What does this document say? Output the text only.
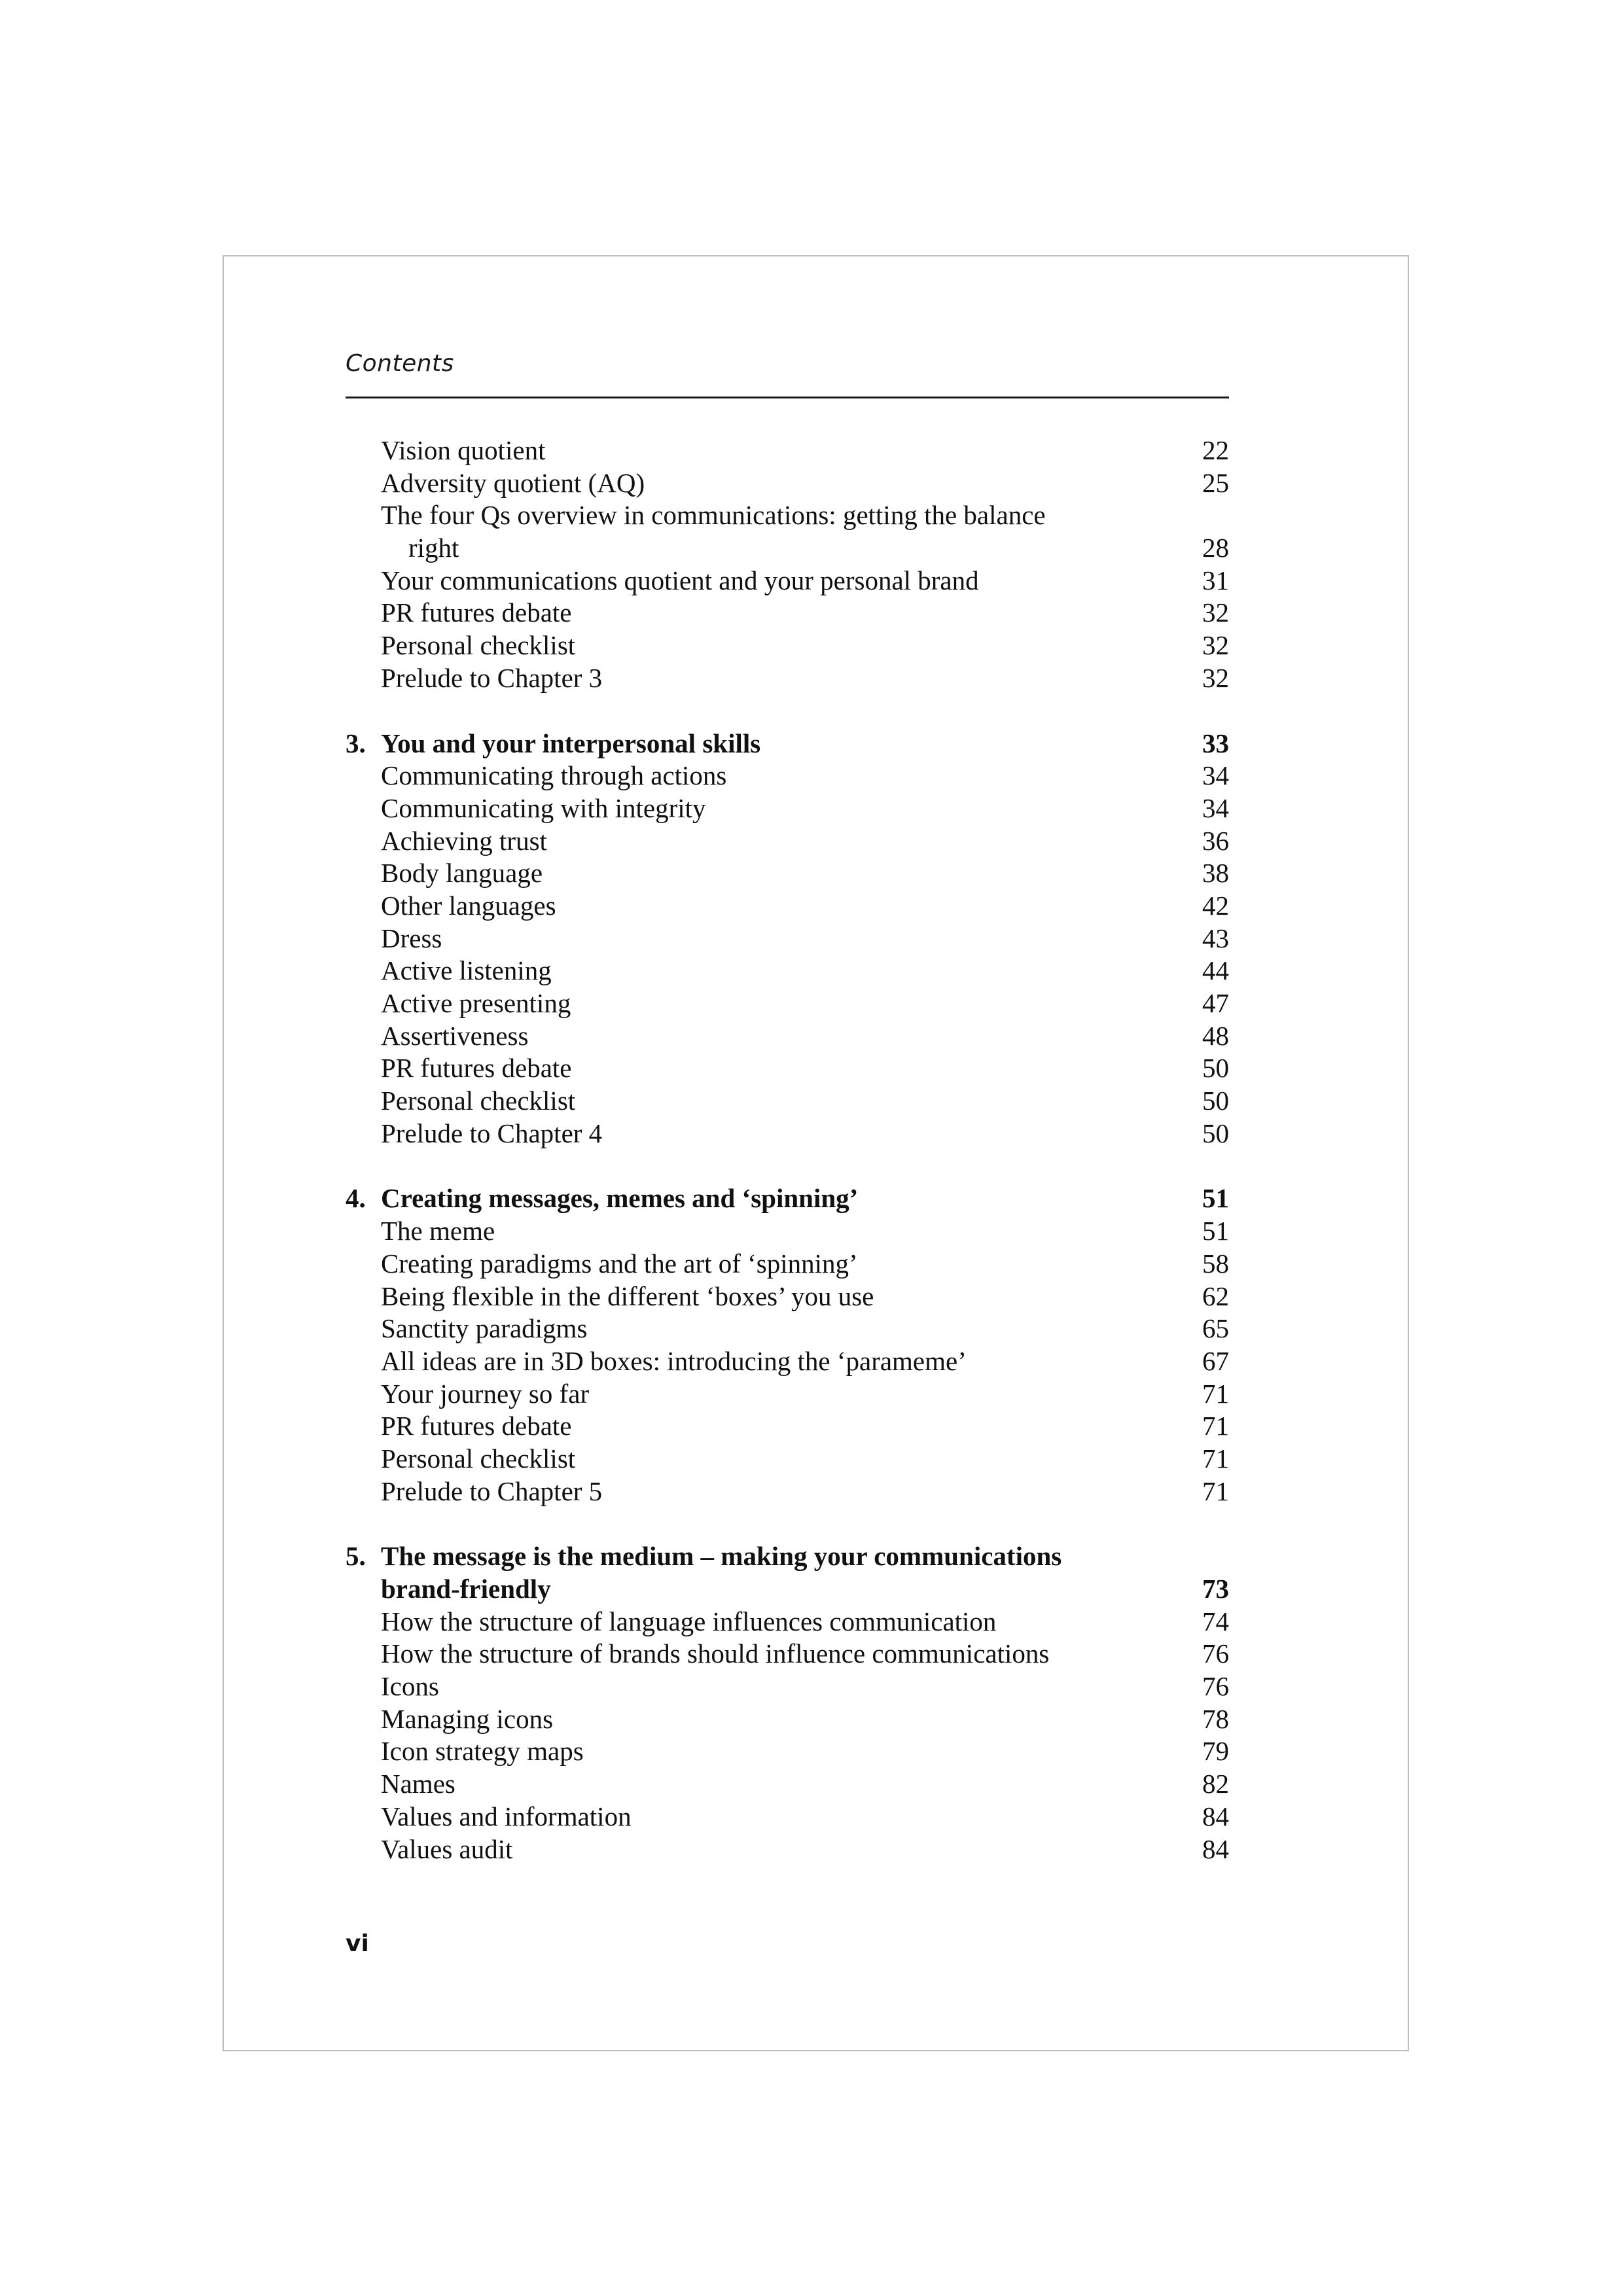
Contents
Vision quotient	22
Adversity quotient (AQ)	25
The four Qs overview in communications: getting the balance
right	28
Your communications quotient and your personal brand	31
PR futures debate	32
Personal checklist	32
Prelude to Chapter 3	32
3. You and your interpersonal skills	33
Communicating through actions	34
Communicating with integrity	34
Achieving trust	36
Body language	38
Other languages	42
Dress	43
Active listening	44
Active presenting	47
Assertiveness	48
PR futures debate	50
Personal checklist	50
Prelude to Chapter 4	50
4. Creating messages, memes and ‘spinning’	51
The meme	51
Creating paradigms and the art of ‘spinning’	58
Being flexible in the different ‘boxes’ you use	62
Sanctity paradigms	65
All ideas are in 3D boxes: introducing the ‘parameme’	67
Your journey so far	71
PR futures debate	71
Personal checklist	71
Prelude to Chapter 5	71
5. The message is the medium – making your communications
brand-friendly	73
How the structure of language influences communication	74
How the structure of brands should influence communications	76
Icons	76
Managing icons	78
Icon strategy maps	79
Names	82
Values and information	84
Values audit	84
vi
